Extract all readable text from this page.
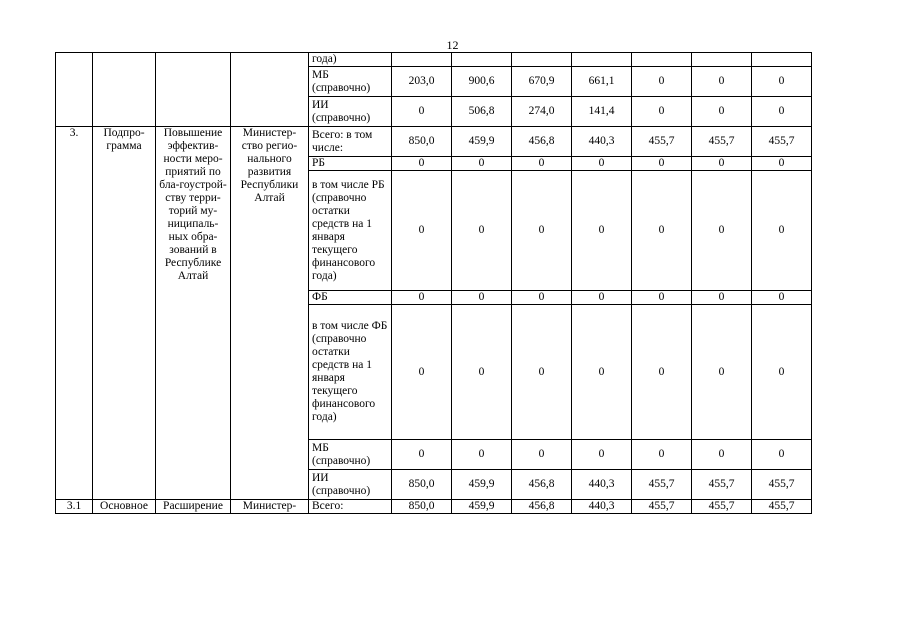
12
				года)							
				МБ (справочно)	203,0	900,6	670,9	661,1	0	0	0
				ИИ (справочно)	0	506,8	274,0	141,4	0	0	0
3.	Подпро-грамма	Повышение эффектив-ности меро-приятий по бла-гоустрой-ству терри-торий му-ниципаль-ных обра-зований в Республике Алтай	Министер-ство регио-нального развития Республики Алтай	Всего: в том числе:	850,0	459,9	456,8	440,3	455,7	455,7	455,7
				РБ	0	0	0	0	0	0	0
				в том числе РБ (справочно остатки средств на 1 января текущего финансового года)	0	0	0	0	0	0	0
				ФБ	0	0	0	0	0	0	0
				в том числе ФБ (справочно остатки средств на 1 января текущего финансового года)	0	0	0	0	0	0	0
				МБ (справочно)	0	0	0	0	0	0	0
				ИИ (справочно)	850,0	459,9	456,8	440,3	455,7	455,7	455,7
3.1	Основное	Расширение	Министер-	Всего:	850,0	459,9	456,8	440,3	455,7	455,7	455,7
